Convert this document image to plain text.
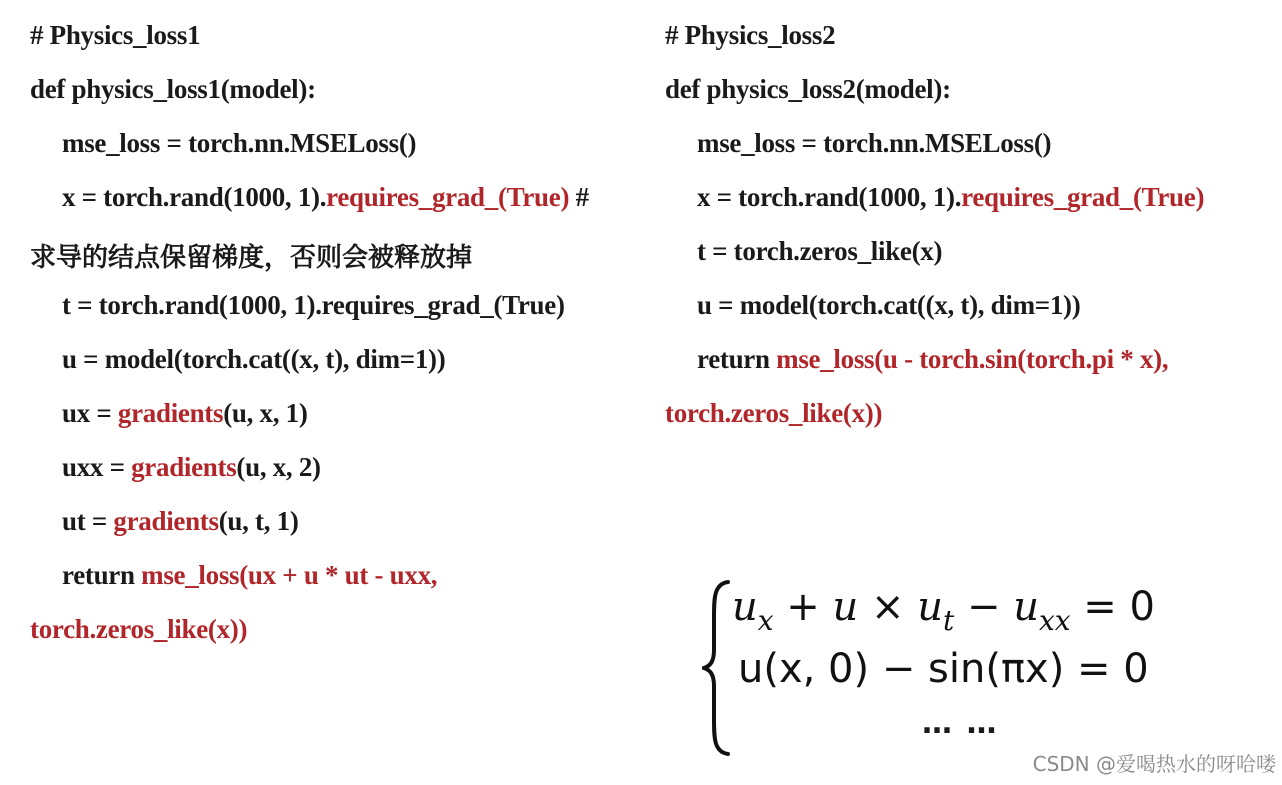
# Physics_loss1
def physics_loss1(model):
mse_loss = torch.nn.MSELoss()
x = torch.rand(1000, 1).requires_grad_(True) #
求导的结点保留梯度，否则会被释放掉
t = torch.rand(1000, 1).requires_grad_(True)
u = model(torch.cat((x, t), dim=1))
ux = gradients(u, x, 1)
uxx = gradients(u, x, 2)
ut = gradients(u, t, 1)
return mse_loss(ux + u * ut - uxx,
torch.zeros_like(x))
# Physics_loss2
def physics_loss2(model):
mse_loss = torch.nn.MSELoss()
x = torch.rand(1000, 1).requires_grad_(True)
t = torch.zeros_like(x)
u = model(torch.cat((x, t), dim=1))
return mse_loss(u - torch.sin(torch.pi * x),
torch.zeros_like(x))
$u_x + u \times u_t - u_{xx} = 0$
u(x, 0) − sin(πx) = 0
… …
CSDN @爱喝热水的呀哈喽
